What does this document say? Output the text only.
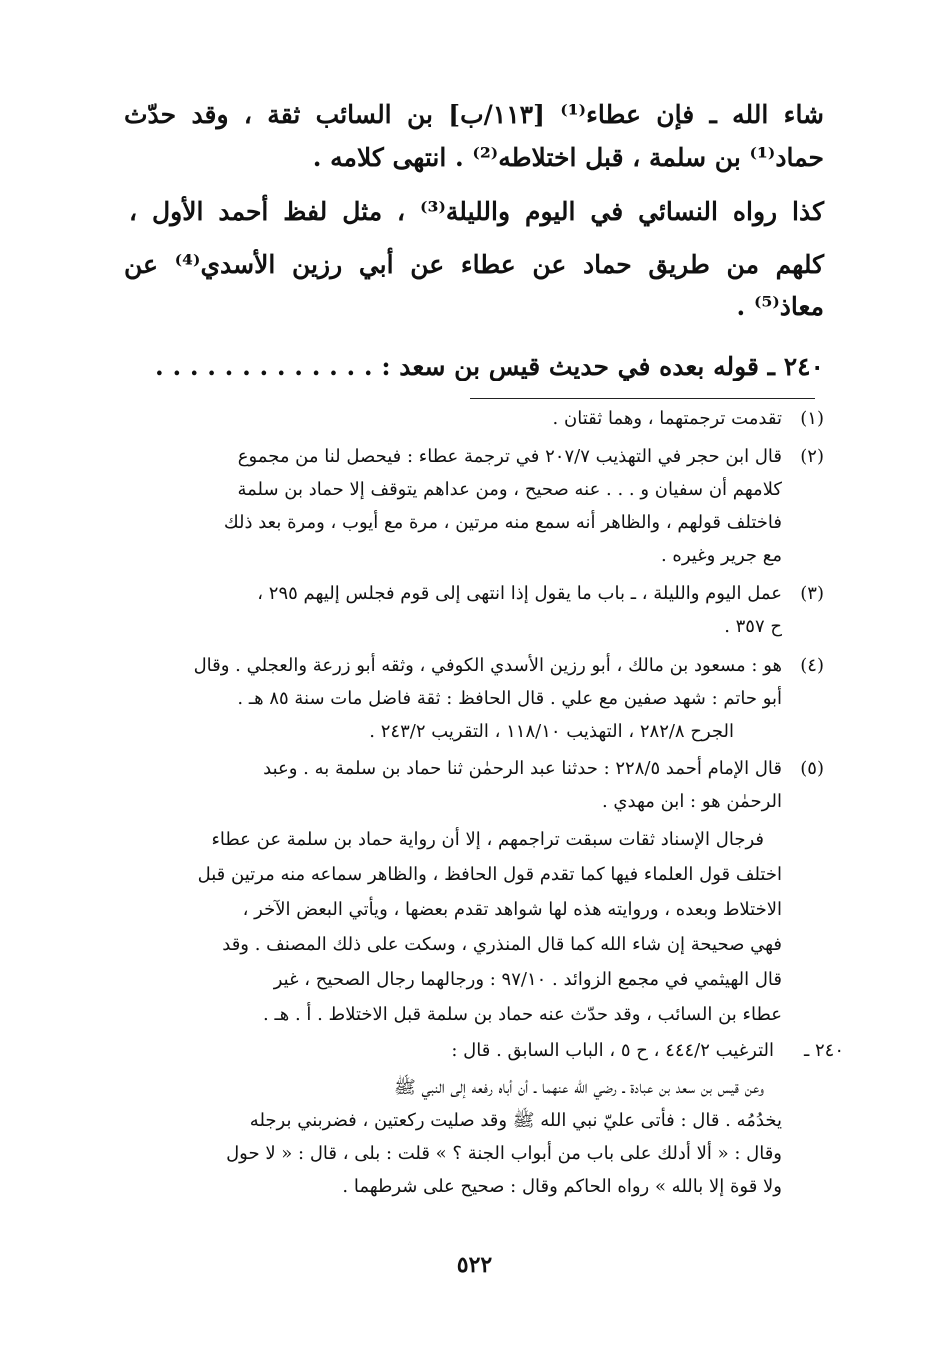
شاء الله ـ فإن عطاء⁽¹⁾ [١١٣/ب] بن السائب ثقة ، وقد حدّث
حماد⁽¹⁾ بن سلمة ، قبل اختلاطه⁽²⁾ . انتهى كلامه .
كذا رواه النسائي في اليوم والليلة⁽³⁾ ، مثل لفظ أحمد الأول ،
كلهم من طريق حماد عن عطاء عن أبي رزين الأسدي⁽⁴⁾ عن
معاذ⁽⁵⁾ .
٢٤٠ ـ قوله بعده في حديث قيس بن سعد : . . . . . . . . . . . . .
(١)
تقدمت ترجمتهما ، وهما ثقتان .
(٢)
قال ابن حجر في التهذيب ٢٠٧/٧ في ترجمة عطاء : فيحصل لنا من مجموع
كلامهم أن سفيان و . . . عنه صحيح ، ومن عداهم يتوقف إلا حماد بن سلمة
فاختلف قولهم ، والظاهر أنه سمع منه مرتين ، مرة مع أيوب ، ومرة بعد ذلك
مع جرير وغيره .
(٣)
عمل اليوم والليلة ، ـ باب ما يقول إذا انتهى إلى قوم فجلس إليهم ٢٩٥ ،
ح ٣٥٧ .
(٤)
هو : مسعود بن مالك ، أبو رزين الأسدي الكوفي ، وثقه أبو زرعة والعجلي . وقال
أبو حاتم : شهد صفين مع علي . قال الحافظ : ثقة فاضل مات سنة ٨٥ هـ .
الجرح ٢٨٢/٨ ، التهذيب ١١٨/١٠ ، التقريب ٢٤٣/٢ .
(٥)
قال الإمام أحمد ٢٢٨/٥ : حدثنا عبد الرحمٰن ثنا حماد بن سلمة به . وعبد
الرحمٰن هو : ابن مهدي .
فرجال الإسناد ثقات سبقت تراجمهم ، إلا أن رواية حماد بن سلمة عن عطاء
اختلف قول العلماء فيها كما تقدم قول الحافظ ، والظاهر سماعه منه مرتين قبل
الاختلاط وبعده ، وروايته هذه لها شواهد تقدم بعضها ، ويأتي البعض الآخر ،
فهي صحيحة إن شاء الله كما قال المنذري ، وسكت على ذلك المصنف . وقد
قال الهيثمي في مجمع الزوائد . ٩٧/١٠ : ورجالهما رجال الصحيح ، غير
عطاء بن السائب ، وقد حدّث عنه حماد بن سلمة قبل الاختلاط . أ . هـ .
٢٤٠ ـ
الترغيب ٤٤٤/٢ ، ح ٥ ، الباب السابق . قال :
وعن قيس بن سعد بن عبادة ـ رضي الله عنهما ـ أن أباه رفعه إلى النبي ﷺ
يخدُمُه . قال : فأتى عليّ نبي الله ﷺ وقد صليت ركعتين ، فضربني برجله
وقال : « ألا أدلك على باب من أبواب الجنة ؟ » قلت : بلى ، قال : « لا حول
ولا قوة إلا بالله » رواه الحاكم وقال : صحيح على شرطهما .
٥٢٢
